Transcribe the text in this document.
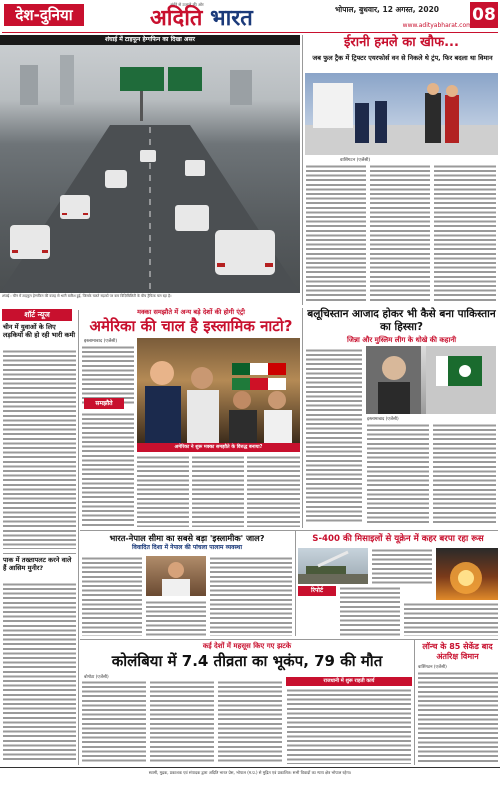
देश-दुनिया
अंधेरे से उजाले की ओर
अदिति भारत	भोपाल, बुधवार, 12 अगस्त, 2020	08
www.adityabharat.com
शंघाई में टाइफून हेग्गफिन का दिखा असर
शंघाई : चीन में टाइफून हेग्गफिन की वजह से भारी बारिश हुई, जिसके चलते सड़कों पर कम विज़िबिलिटी के बीच ट्रैफिक चल रहा है।
ईरानी हमले का खौफ...
जब फुल ट्रैक में ट्रिफ्टर एयरफोर्स वन से निकले थे ट्रंप, फिर बदला था विमान
वाशिंगटन (एजेंसी)
शॉर्ट न्यूज
चीन में युवाओं के लिए लड़कियों की हो रही भारी कमी
पाक में तख्तापलट करने वाले हैं आसिम मुनीर?
मक्का समझौते में अन्य बड़े देशों की होगी एंट्री
अमेरिका की चाल है इस्लामिक नाटो?
इस्लामाबाद (एजेंसी)
समझौते
अमेरिका ने शुरू मक्का समझौते के विरुद्ध बनाया?
बलूचिस्तान आजाद होकर भी कैसे बना पाकिस्तान का हिस्सा?
जिन्ना और मुस्लिम लीग के धोखे की कहानी
इस्लामाबाद (एजेंसी)
भारत-नेपाल सीमा का सबसे बड़ा 'इस्लामीक' जाल?
विवादित दिशा में नेपाल की पांचला पालाम व्यवस्था
S-400 की मिसाइलों से यूक्रेन में कहर बरपा रहा रूस
रिपोर्ट
कई देशों में महसूस किए गए झटके
कोलंबिया में 7.4 तीव्रता का भूकंप, 79 की मौत
बोगोटा (एजेंसी)
राजधानी में शुरू राहती कार्य
लॉन्च के 85 सेकेंड बाद अंतरिक्ष विमान
वाशिंगटन (एजेंसी)
स्वामी, मुद्रक, प्रकाशक एवं संपादक द्वारा अदिति भारत प्रेस, भोपाल (म.प्र.) से मुद्रित एवं प्रकाशित। सभी विवादों का न्याय क्षेत्र भोपाल रहेगा।
